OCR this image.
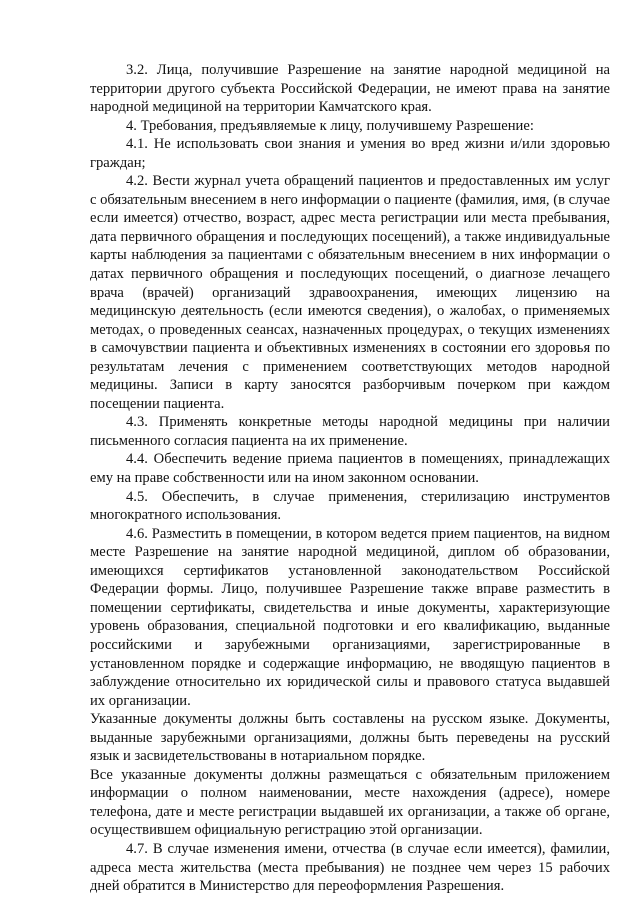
3.2. Лица, получившие Разрешение на занятие народной медициной на территории другого субъекта Российской Федерации, не имеют права на занятие народной медициной на территории Камчатского края.

4. Требования, предъявляемые к лицу, получившему Разрешение:

4.1. Не использовать свои знания и умения во вред жизни и/или здоровью граждан;

4.2. Вести журнал учета обращений пациентов и предоставленных им услуг с обязательным внесением в него информации о пациенте (фамилия, имя, (в случае если имеется) отчество, возраст, адрес места регистрации или места пребывания, дата первичного обращения и последующих посещений), а также индивидуальные карты наблюдения за пациентами с обязательным внесением в них информации о датах первичного обращения и последующих посещений, о диагнозе лечащего врача (врачей) организаций здравоохранения, имеющих лицензию на медицинскую деятельность (если имеются сведения), о жалобах, о применяемых методах, о проведенных сеансах, назначенных процедурах, о текущих изменениях в самочувствии пациента и объективных изменениях в состоянии его здоровья по результатам лечения с применением соответствующих методов народной медицины. Записи в карту заносятся разборчивым почерком при каждом посещении пациента.

4.3. Применять конкретные методы народной медицины при наличии письменного согласия пациента на их применение.

4.4. Обеспечить ведение приема пациентов в помещениях, принадлежащих ему на праве собственности или на ином законном основании.

4.5. Обеспечить, в случае применения, стерилизацию инструментов многократного использования.

4.6. Разместить в помещении, в котором ведется прием пациентов, на видном месте Разрешение на занятие народной медициной, диплом об образовании, имеющихся сертификатов установленной законодательством Российской Федерации формы. Лицо, получившее Разрешение также вправе разместить в помещении сертификаты, свидетельства и иные документы, характеризующие уровень образования, специальной подготовки и его квалификацию, выданные российскими и зарубежными организациями, зарегистрированные в установленном порядке и содержащие информацию, не вводящую пациентов в заблуждение относительно их юридической силы и правового статуса выдавшей их организации.

Указанные документы должны быть составлены на русском языке. Документы, выданные зарубежными организациями, должны быть переведены на русский язык и засвидетельствованы в нотариальном порядке.

Все указанные документы должны размещаться с обязательным приложением информации о полном наименовании, месте нахождения (адресе), номере телефона, дате и месте регистрации выдавшей их организации, а также об органе, осуществившем официальную регистрацию этой организации.

4.7. В случае изменения имени, отчества (в случае если имеется), фамилии, адреса места жительства (места пребывания) не позднее чем через 15 рабочих дней обратится в Министерство для переоформления Разрешения.
